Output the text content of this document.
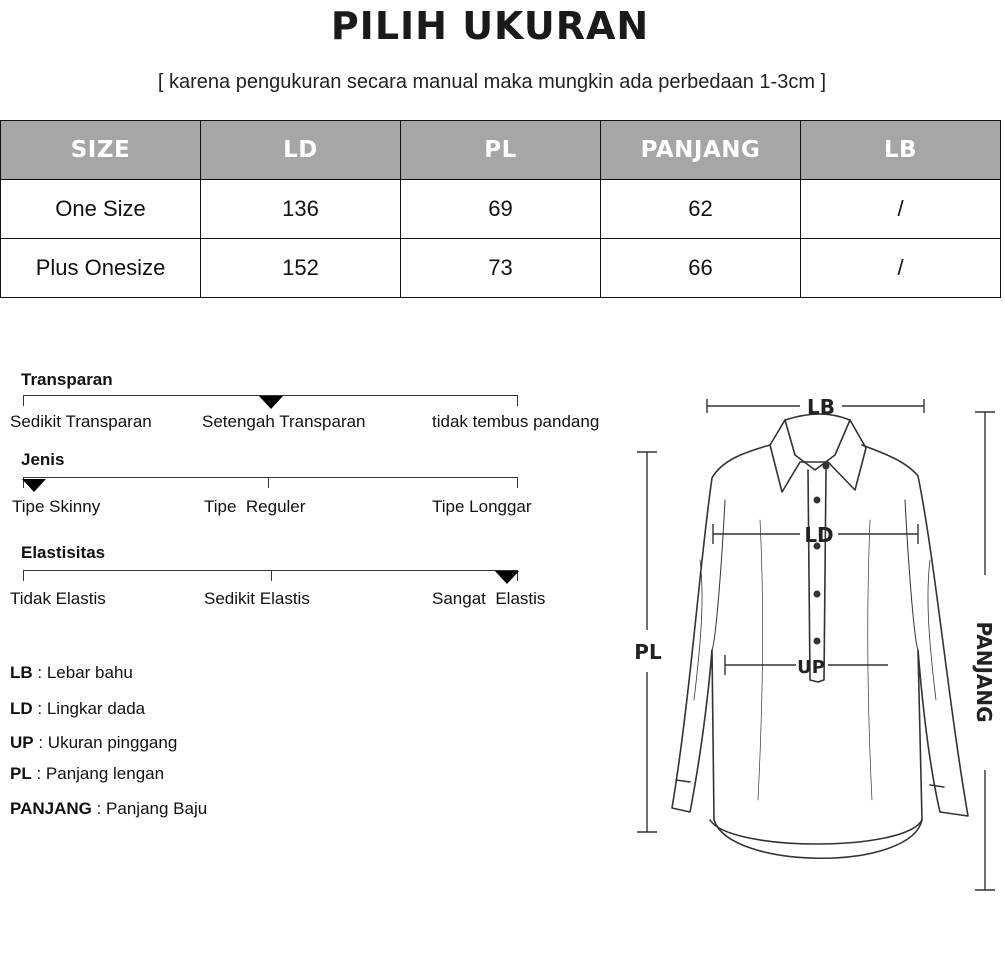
PILIH UKURAN
[ karena pengukuran secara manual maka mungkin ada perbedaan 1-3cm ]
SIZE	LD	PL	PANJANG	LB
One Size	136	69	62	/
Plus Onesize	152	73	66	/
Transparan
Sedikit Transparan	Setengah Transparan	tidak tembus pandang
Jenis
Tipe Skinny	Tipe  Reguler	Tipe Longgar
Elastisitas
Tidak Elastis	Sedikit Elastis	Sangat  Elastis
LB : Lebar bahu
LD : Lingkar dada
UP : Ukuran pinggang
PL : Panjang lengan
PANJANG : Panjang Baju
LB
LD
UP
PL	PANJANG
